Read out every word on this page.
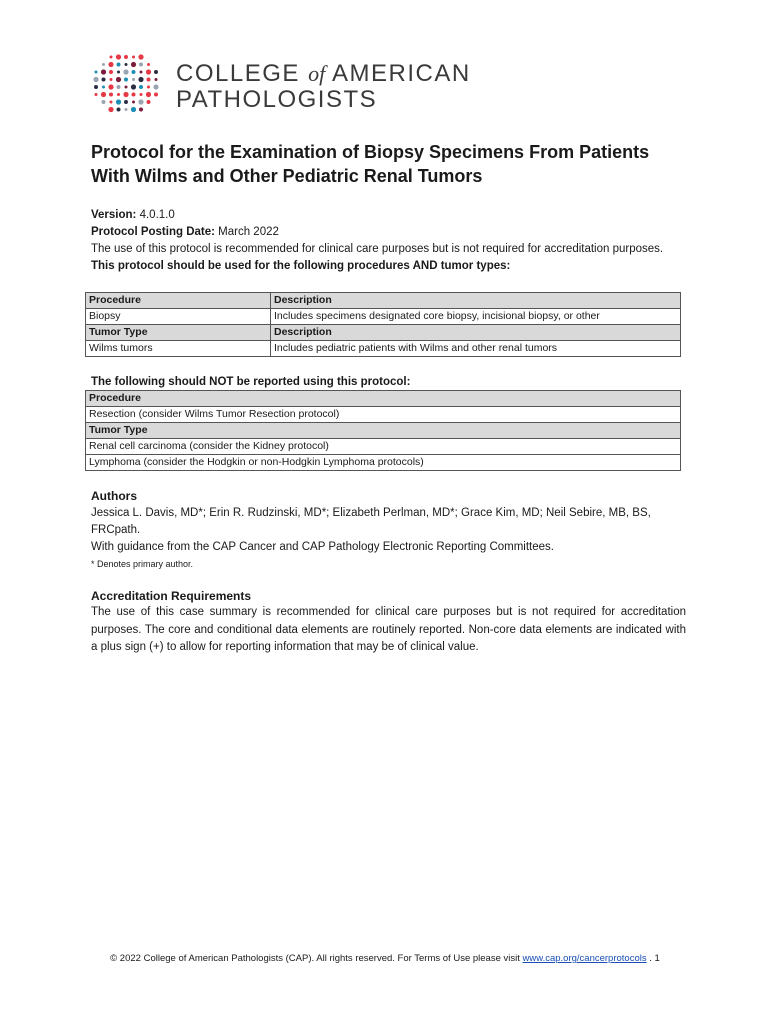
COLLEGE of AMERICAN
PATHOLOGISTS
Protocol for the Examination of Biopsy Specimens From Patients With Wilms and Other Pediatric Renal Tumors

Version: 4.0.1.0

Protocol Posting Date: March 2022

The use of this protocol is recommended for clinical care purposes but is not required for accreditation purposes.

This protocol should be used for the following procedures AND tumor types:

Procedure	Description
Biopsy	Includes specimens designated core biopsy, incisional biopsy, or other
Tumor Type	Description
Wilms tumors	Includes pediatric patients with Wilms and other renal tumors
The following should NOT be reported using this protocol:
Procedure
Resection (consider Wilms Tumor Resection protocol)
Tumor Type
Renal cell carcinoma (consider the Kidney protocol)
Lymphoma (consider the Hodgkin or non-Hodgkin Lymphoma protocols)
Authors

Jessica L. Davis, MD*; Erin R. Rudzinski, MD*; Elizabeth Perlman, MD*; Grace Kim, MD; Neil Sebire, MB, BS, FRCpath.

With guidance from the CAP Cancer and CAP Pathology Electronic Reporting Committees.

* Denotes primary author.

Accreditation Requirements
The use of this case summary is recommended for clinical care purposes but is not required for accreditation purposes. The core and conditional data elements are routinely reported. Non-core data elements are indicated with a plus sign (+) to allow for reporting information that may be of clinical value.
© 2022 College of American Pathologists (CAP). All rights reserved. For Terms of Use please visit www.cap.org/cancerprotocols . 1
